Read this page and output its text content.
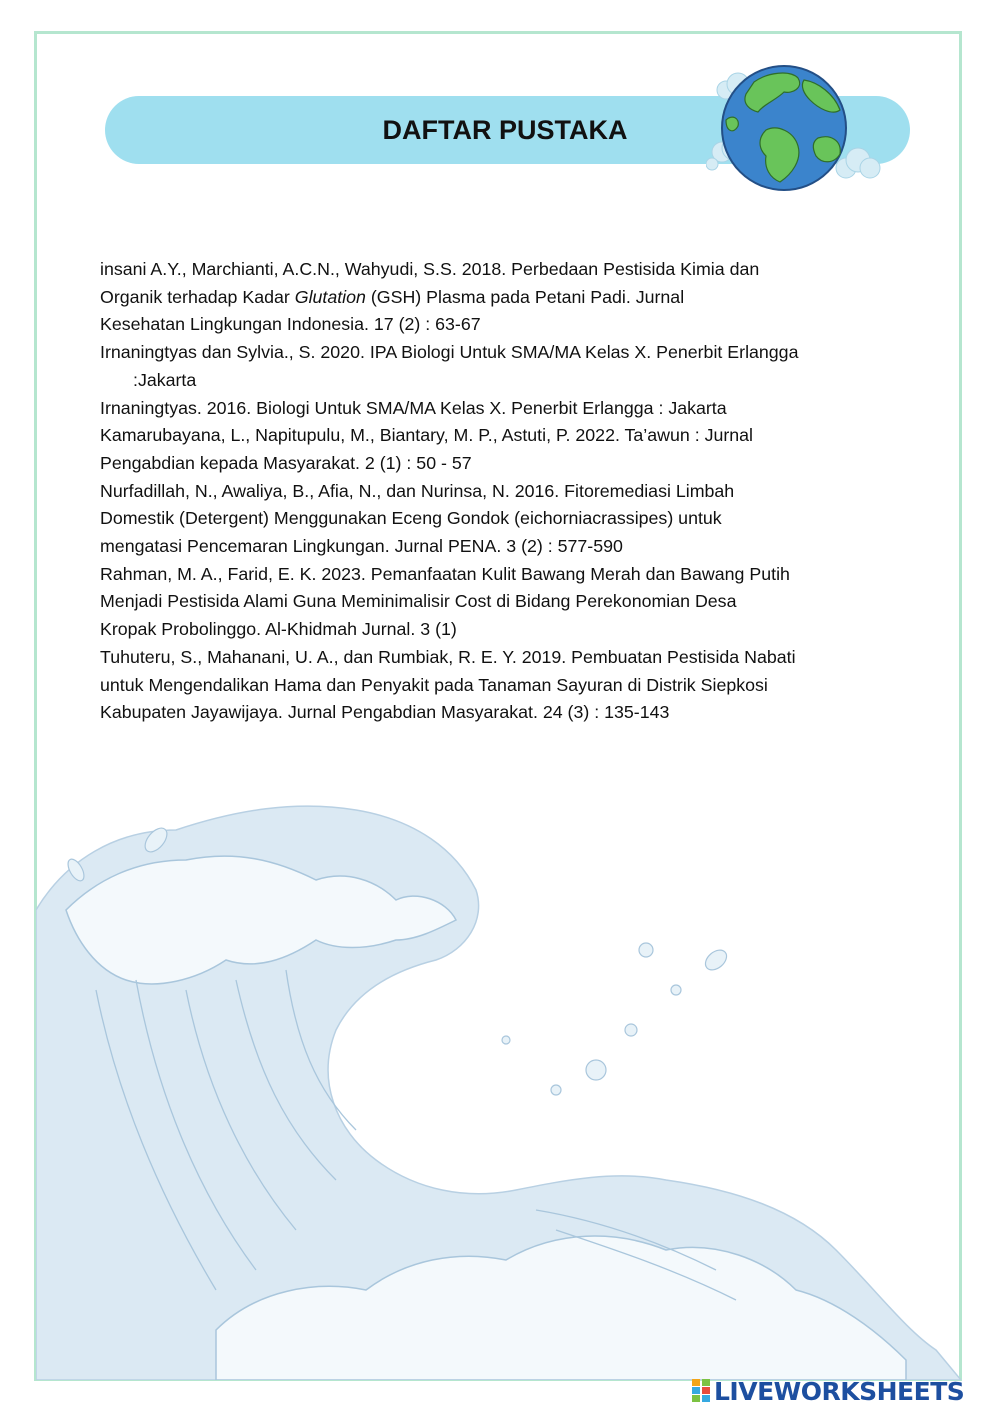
DAFTAR PUSTAKA

insani A.Y., Marchianti, A.C.N., Wahyudi, S.S. 2018. Perbedaan Pestisida Kimia dan
Organik terhadap Kadar Glutation (GSH) Plasma pada Petani Padi. Jurnal
Kesehatan Lingkungan Indonesia. 17 (2) : 63-67

Irnaningtyas dan Sylvia., S. 2020. IPA Biologi Untuk SMA/MA Kelas X. Penerbit Erlangga
:Jakarta

Irnaningtyas. 2016. Biologi Untuk SMA/MA Kelas X. Penerbit Erlangga : Jakarta
Kamarubayana, L., Napitupulu, M., Biantary, M. P., Astuti, P. 2022. Ta’awun : Jurnal
Pengabdian kepada Masyarakat. 2 (1) : 50 - 57

Nurfadillah, N., Awaliya, B., Afia, N., dan Nurinsa, N. 2016. Fitoremediasi Limbah
Domestik (Detergent) Menggunakan Eceng Gondok (eichorniacrassipes) untuk
mengatasi Pencemaran Lingkungan. Jurnal PENA. 3 (2) : 577-590

Rahman, M. A., Farid, E. K. 2023. Pemanfaatan Kulit Bawang Merah dan Bawang Putih
Menjadi Pestisida Alami Guna Meminimalisir Cost di Bidang Perekonomian Desa
Kropak Probolinggo. Al-Khidmah Jurnal. 3 (1)

Tuhuteru, S., Mahanani, U. A., dan Rumbiak, R. E. Y. 2019. Pembuatan Pestisida Nabati
untuk Mengendalikan Hama dan Penyakit pada Tanaman Sayuran di Distrik Siepkosi
Kabupaten Jayawijaya. Jurnal Pengabdian Masyarakat. 24 (3) : 135-143

LIVEWORKSHEETS
